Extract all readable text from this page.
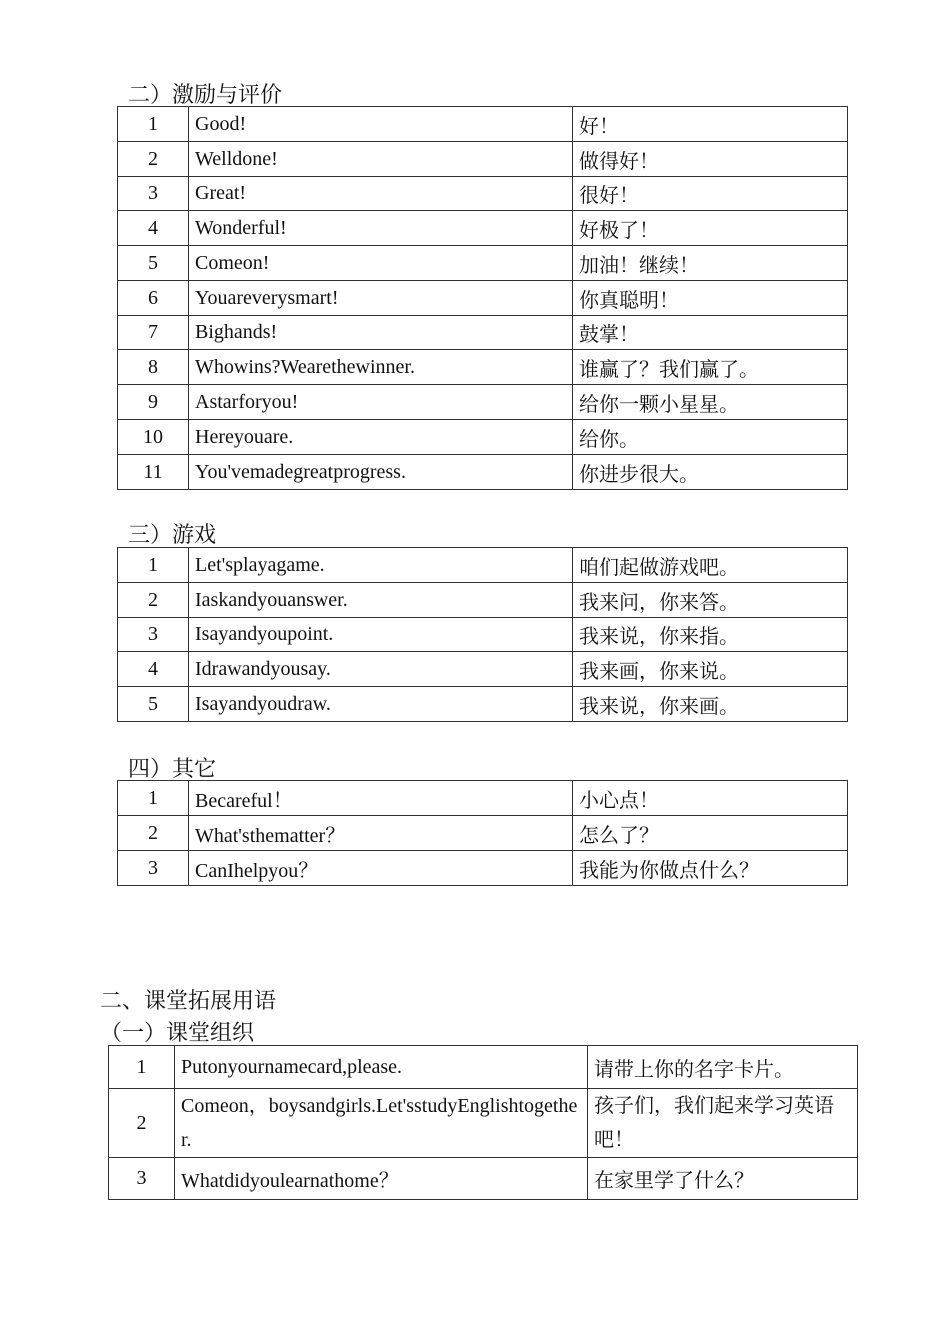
二）激励与评价
1	Good!	好！
2	Welldone!	做得好！
3	Great!	很好！
4	Wonderful!	好极了！
5	Comeon!	加油！继续！
6	Youareverysmart!	你真聪明！
7	Bighands!	鼓掌！
8	Whowins?Wearethewinner.	谁赢了？我们赢了。
9	Astarforyou!	给你一颗小星星。
10	Hereyouare.	给你。
11	You'vemadegreatprogress.	你进步很大。
三）游戏
1	Let'splayagame.	咱们起做游戏吧。
2	Iaskandyouanswer.	我来问，你来答。
3	Isayandyoupoint.	我来说，你来指。
4	Idrawandyousay.	我来画，你来说。
5	Isayandyoudraw.	我来说，你来画。
四）其它
1	Becareful！	小心点！
2	What'sthematter？	怎么了？
3	CanIhelpyou？	我能为你做点什么？
二、课堂拓展用语
（一）课堂组织
1	Putonyournamecard,please.	请带上你的名字卡片。
2	Comeon，boysandgirls.Let'sstudyEnglishtogether.	孩子们，我们起来学习英语吧！
3	Whatdidyoulearnathome？	在家里学了什么？
